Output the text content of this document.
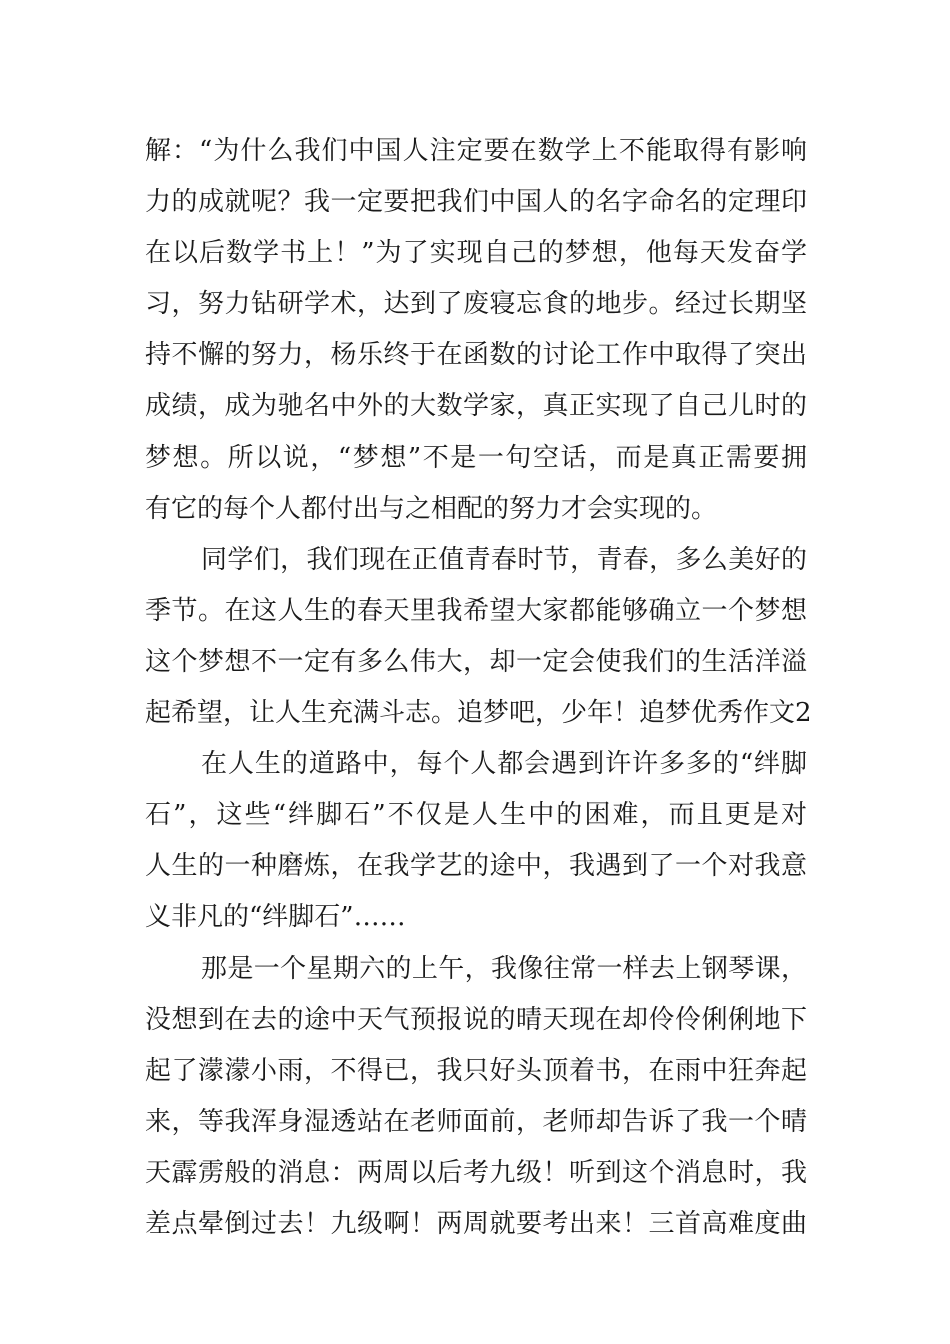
解：“为什么我们中国人注定要在数学上不能取得有影响
力的成就呢？我一定要把我们中国人的名字命名的定理印
在以后数学书上！”为了实现自己的梦想，他每天发奋学
习，努力钻研学术，达到了废寝忘食的地步。经过长期坚
持不懈的努力，杨乐终于在函数的讨论工作中取得了突出
成绩，成为驰名中外的大数学家，真正实现了自己儿时的
梦想。所以说，“梦想”不是一句空话，而是真正需要拥
有它的每个人都付出与之相配的努力才会实现的。
同学们，我们现在正值青春时节，青春，多么美好的
季节。在这人生的春天里我希望大家都能够确立一个梦想
这个梦想不一定有多么伟大，却一定会使我们的生活洋溢
起希望，让人生充满斗志。追梦吧，少年！追梦优秀作文2
在人生的道路中，每个人都会遇到许许多多的“绊脚
石”，这些“绊脚石”不仅是人生中的困难，而且更是对
人生的一种磨炼，在我学艺的途中，我遇到了一个对我意
义非凡的“绊脚石”……
那是一个星期六的上午，我像往常一样去上钢琴课，
没想到在去的途中天气预报说的晴天现在却伶伶俐俐地下
起了濛濛小雨，不得已，我只好头顶着书，在雨中狂奔起
来，等我浑身湿透站在老师面前，老师却告诉了我一个晴
天霹雳般的消息：两周以后考九级！听到这个消息时，我
差点晕倒过去！九级啊！两周就要考出来！三首高难度曲
